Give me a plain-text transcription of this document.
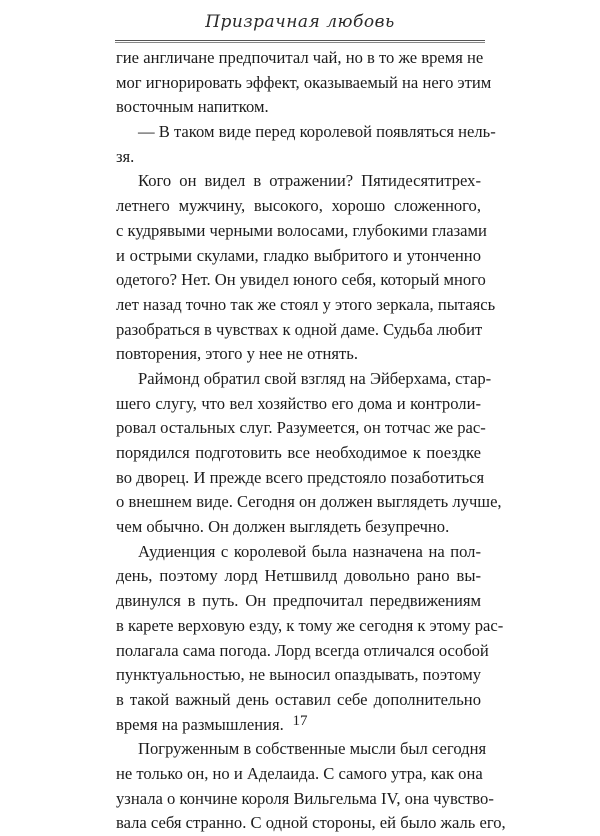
Призрачная любовь
гие англичане предпочитал чай, но в то же время не
мог игнорировать эффект, оказываемый на него этим
восточным напитком.
— В таком виде перед королевой появляться нель-
зя.
Кого он видел в отражении? Пятидесятитрех-
летнего мужчину, высокого, хорошо сложенного,
с кудрявыми черными волосами, глубокими глазами
и острыми скулами, гладко выбритого и утонченно
одетого? Нет. Он увидел юного себя, который много
лет назад точно так же стоял у этого зеркала, пытаясь
разобраться в чувствах к одной даме. Судьба любит
повторения, этого у нее не отнять.
Раймонд обратил свой взгляд на Эйберхама, стар-
шего слугу, что вел хозяйство его дома и контроли-
ровал остальных слуг. Разумеется, он тотчас же рас-
порядился подготовить все необходимое к поездке
во дворец. И прежде всего предстояло позаботиться
о внешнем виде. Сегодня он должен выглядеть лучше,
чем обычно. Он должен выглядеть безупречно.
Аудиенция с королевой была назначена на пол-
день, поэтому лорд Нетшвилд довольно рано вы-
двинулся в путь. Он предпочитал передвижениям
в карете верховую езду, к тому же сегодня к этому рас-
полагала сама погода. Лорд всегда отличался особой
пунктуальностью, не выносил опаздывать, поэтому
в такой важный день оставил себе дополнительно
время на размышления.
Погруженным в собственные мысли был сегодня
не только он, но и Аделаида. С самого утра, как она
узнала о кончине короля Вильгельма IV, она чувство-
вала себя странно. С одной стороны, ей было жаль его,
17
